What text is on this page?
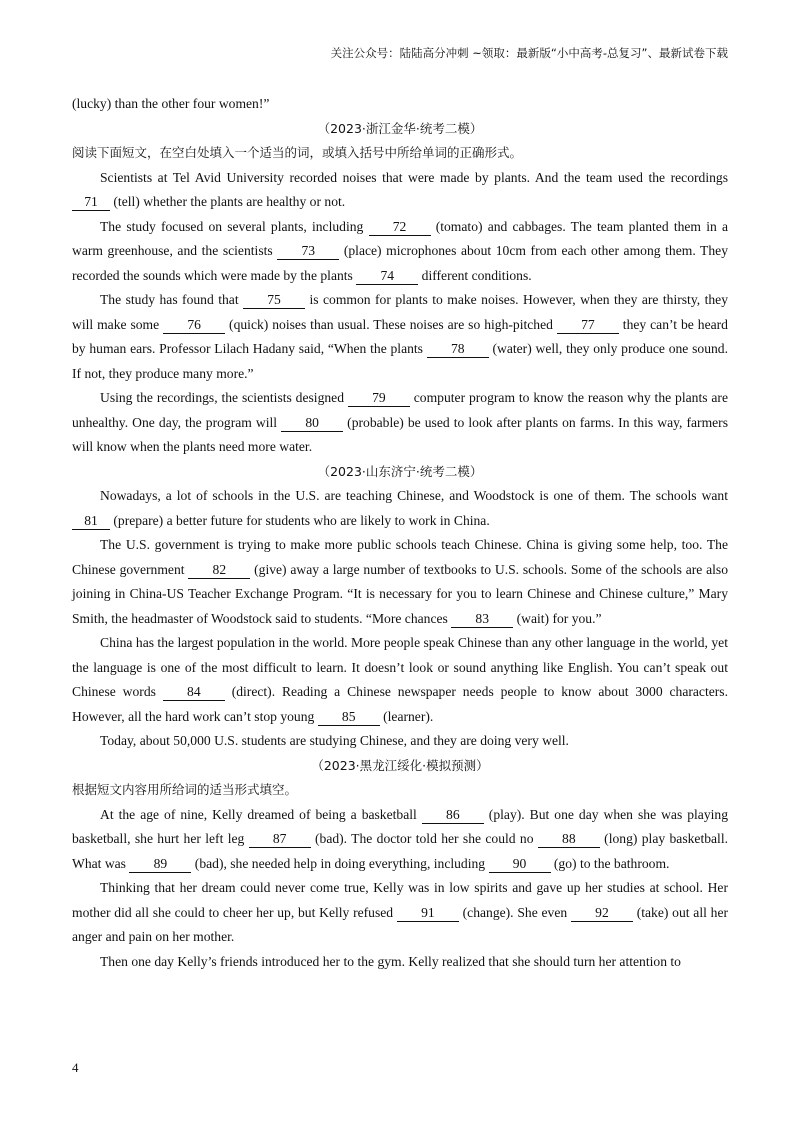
关注公众号：陆陆高分冲刺 ~领取：最新版“小中高考-总复习”、最新试卷下载

(lucky) than the other four women!”

（2023·浙江金华·统考二模）

阅读下面短文，在空白处填入一个适当的词，或填入括号中所给单词的正确形式。

Scientists at Tel Avid University recorded noises that were made by plants. And the team used the recordings 71 (tell) whether the plants are healthy or not.

The study focused on several plants, including 72 (tomato) and cabbages. The team planted them in a warm greenhouse, and the scientists 73 (place) microphones about 10cm from each other among them. They recorded the sounds which were made by the plants 74 different conditions.

The study has found that 75 is common for plants to make noises. However, when they are thirsty, they will make some 76 (quick) noises than usual. These noises are so high-pitched 77 they can’t be heard by human ears. Professor Lilach Hadany said, “When the plants 78 (water) well, they only produce one sound. If not, they produce many more.”

Using the recordings, the scientists designed 79 computer program to know the reason why the plants are unhealthy. One day, the program will 80 (probable) be used to look after plants on farms. In this way, farmers will know when the plants need more water.

（2023·山东济宁·统考二模）

Nowadays, a lot of schools in the U.S. are teaching Chinese, and Woodstock is one of them. The schools want 81 (prepare) a better future for students who are likely to work in China.

The U.S. government is trying to make more public schools teach Chinese. China is giving some help, too. The Chinese government 82 (give) away a large number of textbooks to U.S. schools. Some of the schools are also joining in China-US Teacher Exchange Program. “It is necessary for you to learn Chinese and Chinese culture,” Mary Smith, the headmaster of Woodstock said to students. “More chances 83 (wait) for you.”

China has the largest population in the world. More people speak Chinese than any other language in the world, yet the language is one of the most difficult to learn. It doesn’t look or sound anything like English. You can’t speak out Chinese words 84 (direct). Reading a Chinese newspaper needs people to know about 3000 characters. However, all the hard work can’t stop young 85 (learner).

Today, about 50,000 U.S. students are studying Chinese, and they are doing very well.

（2023·黑龙江绥化·模拟预测）

根据短文内容用所给词的适当形式填空。

At the age of nine, Kelly dreamed of being a basketball 86 (play). But one day when she was playing basketball, she hurt her left leg 87 (bad). The doctor told her she could no 88 (long) play basketball. What was 89 (bad), she needed help in doing everything, including 90 (go) to the bathroom.

Thinking that her dream could never come true, Kelly was in low spirits and gave up her studies at school. Her mother did all she could to cheer her up, but Kelly refused 91 (change). She even 92 (take) out all her anger and pain on her mother.

Then one day Kelly’s friends introduced her to the gym. Kelly realized that she should turn her attention to

4
